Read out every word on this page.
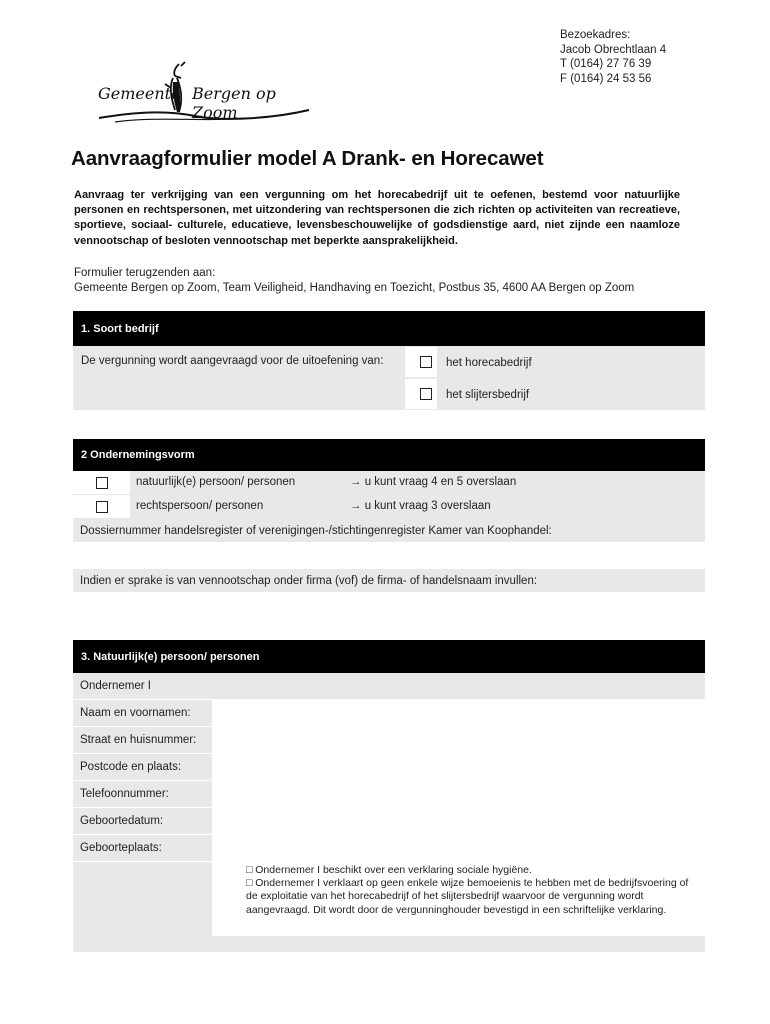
Bezoekadres:
Jacob Obrechtlaan 4
T (0164) 27 76 39
F (0164) 24 53 56
Gemeente Bergen op Zoom
Aanvraagformulier model A Drank- en Horecawet

Aanvraag ter verkrijging van een vergunning om het horecabedrijf uit te oefenen, bestemd voor natuurlijke personen en rechtspersonen, met uitzondering van rechtspersonen die zich richten op activiteiten van recreatieve, sportieve, sociaal- culturele, educatieve, levensbeschouwelijke of godsdienstige aard, niet zijnde een naamloze vennootschap of besloten vennootschap met beperkte aansprakelijkheid.

Formulier terugzenden aan:
Gemeente Bergen op Zoom, Team Veiligheid, Handhaving en Toezicht, Postbus 35, 4600 AA Bergen op Zoom
1. Soort bedrijf
De vergunning wordt aangevraagd voor de uitoefening van:	het horecabedrijf
het slijtersbedrijf
2 Ondernemingsvorm
natuurlijk(e) persoon/ personen	→ u kunt vraag 4 en 5 overslaan
rechtspersoon/ personen	→ u kunt vraag 3 overslaan
Dossiernummer handelsregister of verenigingen-/stichtingenregister Kamer van Koophandel:
Indien er sprake is van vennootschap onder firma (vof) de firma- of handelsnaam invullen:
3. Natuurlijk(e) persoon/ personen
Ondernemer I
Naam en voornamen:
Straat en huisnummer:
Postcode en plaats:
Telefoonnummer:
Geboortedatum:
Geboorteplaats:
□ Ondernemer I beschikt over een verklaring sociale hygiëne.
□ Ondernemer I verklaart op geen enkele wijze bemoeienis te hebben met de bedrijfsvoering of de exploitatie van het horecabedrijf of het slijtersbedrijf waarvoor de vergunning wordt aangevraagd. Dit wordt door de vergunninghouder bevestigd in een schriftelijke verklaring.
